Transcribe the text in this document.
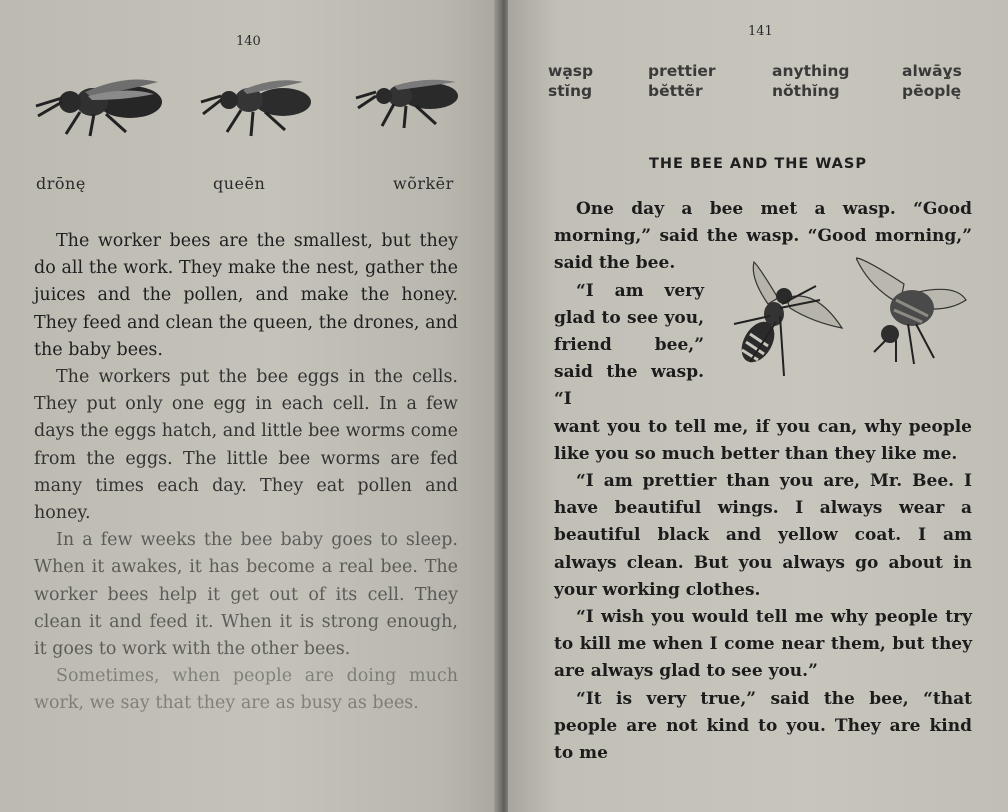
140
drōnę	queēn	wõrkēr

The worker bees are the smallest, but they do all the work. They make the nest, gather the juices and the pollen, and make the honey. They feed and clean the queen, the drones, and the baby bees.

The workers put the bee eggs in the cells. They put only one egg in each cell. In a few days the eggs hatch, and little bee worms come from the eggs. The little bee worms are fed many times each day. They eat pollen and honey.

In a few weeks the bee baby goes to sleep. When it awakes, it has become a real bee. The worker bees help it get out of its cell. They clean it and feed it. When it is strong enough, it goes to work with the other bees.

Sometimes, when people are doing much work, we say that they are as busy as bees.

141
wạsp	prettier	anything	alwāy̧s
stĭng	bĕttẽr	nŏthĭng	pēoplę
THE BEE AND THE WASP

One day a bee met a wasp. “Good morning,” said the wasp. “Good morning,” said the bee.

“I am very glad to see you, friend bee,” said the wasp. “I

want you to tell me, if you can, why people like you so much better than they like me.

“I am prettier than you are, Mr. Bee. I have beautiful wings. I always wear a beautiful black and yellow coat. I am always clean. But you always go about in your working clothes.

“I wish you would tell me why people try to kill me when I come near them, but they are always glad to see you.”

“It is very true,” said the bee, “that people are not kind to you. They are kind to me
